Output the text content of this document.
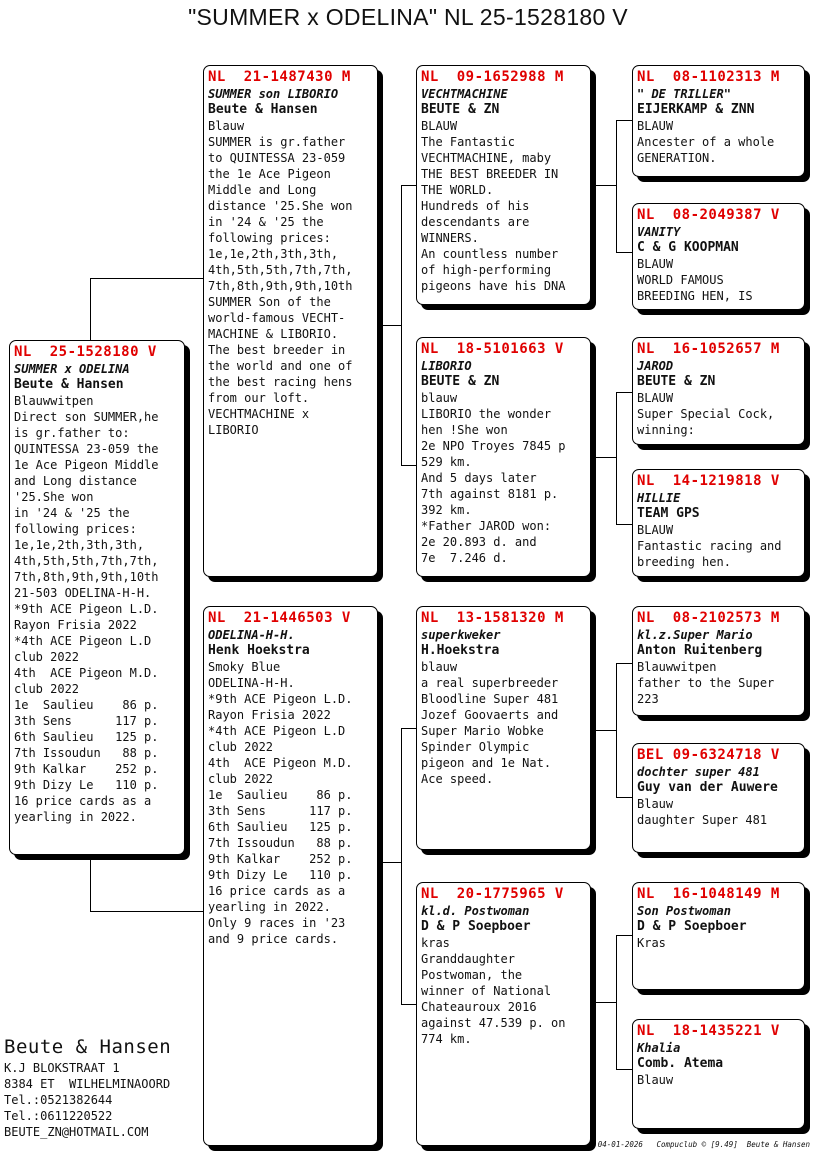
"SUMMER x ODELINA" NL 25-1528180 V
NL  25-1528180 V
SUMMER x ODELINA
Beute & Hansen
Blauwwitpen
Direct son SUMMER,he
is gr.father to:
QUINTESSA 23-059 the
1e Ace Pigeon Middle
and Long distance
'25.She won
in '24 & '25 the
following prices:
1e,1e,2th,3th,3th,
4th,5th,5th,7th,7th,
7th,8th,9th,9th,10th
21-503 ODELINA-H-H.
*9th ACE Pigeon L.D.
Rayon Frisia 2022
*4th ACE Pigeon L.D
club 2022
4th  ACE Pigeon M.D.
club 2022
1e  Saulieu    86 p.
3th Sens      117 p.
6th Saulieu   125 p.
7th Issoudun   88 p.
9th Kalkar    252 p.
9th Dizy Le   110 p.
16 price cards as a
yearling in 2022.
NL  21-1487430 M
SUMMER son LIBORIO
Beute & Hansen
Blauw
SUMMER is gr.father
to QUINTESSA 23-059
the 1e Ace Pigeon
Middle and Long
distance '25.She won
in '24 & '25 the
following prices:
1e,1e,2th,3th,3th,
4th,5th,5th,7th,7th,
7th,8th,9th,9th,10th
SUMMER Son of the
world-famous VECHT-
MACHINE & LIBORIO.
The best breeder in
the world and one of
the best racing hens
from our loft.
VECHTMACHINE x
LIBORIO
NL  21-1446503 V
ODELINA-H-H.
Henk Hoekstra
Smoky Blue
ODELINA-H-H.
*9th ACE Pigeon L.D.
Rayon Frisia 2022
*4th ACE Pigeon L.D
club 2022
4th  ACE Pigeon M.D.
club 2022
1e  Saulieu    86 p.
3th Sens      117 p.
6th Saulieu   125 p.
7th Issoudun   88 p.
9th Kalkar    252 p.
9th Dizy Le   110 p.
16 price cards as a
yearling in 2022.
Only 9 races in '23
and 9 price cards.
NL  09-1652988 M
VECHTMACHINE
BEUTE & ZN
BLAUW
The Fantastic
VECHTMACHINE, maby
THE BEST BREEDER IN
THE WORLD.
Hundreds of his
descendants are
WINNERS.
An countless number
of high-performing
pigeons have his DNA
NL  18-5101663 V
LIBORIO
BEUTE & ZN
blauw
LIBORIO the wonder
hen !She won
2e NPO Troyes 7845 p
529 km.
And 5 days later
7th against 8181 p.
392 km.
*Father JAROD won:
2e 20.893 d. and
7e  7.246 d.
NL  13-1581320 M
superkweker
H.Hoekstra
blauw
a real superbreeder
Bloodline Super 481
Jozef Goovaerts and
Super Mario Wobke
Spinder Olympic
pigeon and 1e Nat.
Ace speed.
NL  20-1775965 V
kl.d. Postwoman
D & P Soepboer
kras
Granddaughter
Postwoman, the
winner of National
Chateauroux 2016
against 47.539 p. on
774 km.
NL  08-1102313 M
" DE TRILLER"
EIJERKAMP & ZNN
BLAUW
Ancester of a whole
GENERATION.
NL  08-2049387 V
VANITY
C & G KOOPMAN
BLAUW
WORLD FAMOUS
BREEDING HEN, IS
NL  16-1052657 M
JAROD
BEUTE & ZN
BLAUW
Super Special Cock,
winning:
NL  14-1219818 V
HILLIE
TEAM GPS
BLAUW
Fantastic racing and
breeding hen.
NL  08-2102573 M
kl.z.Super Mario
Anton Ruitenberg
Blauwwitpen
father to the Super
223
BEL 09-6324718 V
dochter super 481
Guy van der Auwere
Blauw
daughter Super 481
NL  16-1048149 M
Son Postwoman
D & P Soepboer
Kras
NL  18-1435221 V
Khalia
Comb. Atema
Blauw
Beute & Hansen
K.J BLOKSTRAAT 1
8384 ET  WILHELMINAOORD
Tel.:0521382644
Tel.:0611220522
BEUTE_ZN@HOTMAIL.COM
04-01-2026   Compuclub © [9.49]  Beute & Hansen
